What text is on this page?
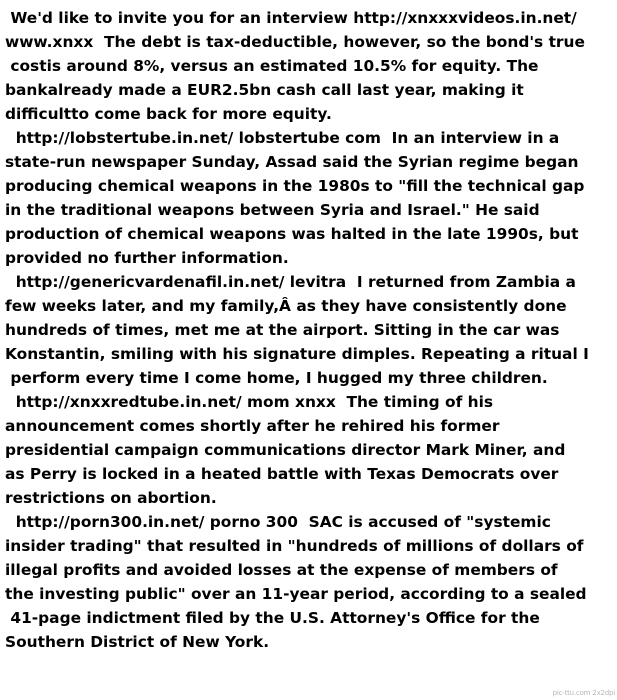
We'd like to invite you for an interview http://xnxxxvideos.in.net/
www.xnxx  The debt is tax-deductible, however, so the bond's true
costis around 8%, versus an estimated 10.5% for equity. The
bankalready made a EUR2.5bn cash call last year, making it
difficultto come back for more equity.
http://lobstertube.in.net/ lobstertube com  In an interview in a
state-run newspaper Sunday, Assad said the Syrian regime began
producing chemical weapons in the 1980s to "fill the technical gap
in the traditional weapons between Syria and Israel." He said
production of chemical weapons was halted in the late 1990s, but
provided no further information.
http://genericvardenafil.in.net/ levitra  I returned from Zambia a
few weeks later, and my family,Â as they have consistently done
hundreds of times, met me at the airport. Sitting in the car was
Konstantin, smiling with his signature dimples. Repeating a ritual I
perform every time I come home, I hugged my three children.
http://xnxxredtube.in.net/ mom xnxx  The timing of his
announcement comes shortly after he rehired his former
presidential campaign communications director Mark Miner, and
as Perry is locked in a heated battle with Texas Democrats over
restrictions on abortion.
http://porn300.in.net/ porno 300  SAC is accused of "systemic
insider trading" that resulted in "hundreds of millions of dollars of
illegal profits and avoided losses at the expense of members of
the investing public" over an 11-year period, according to a sealed
41-page indictment filed by the U.S. Attorney's Office for the
Southern District of New York.
pic-ttu.com 2x2dpi
